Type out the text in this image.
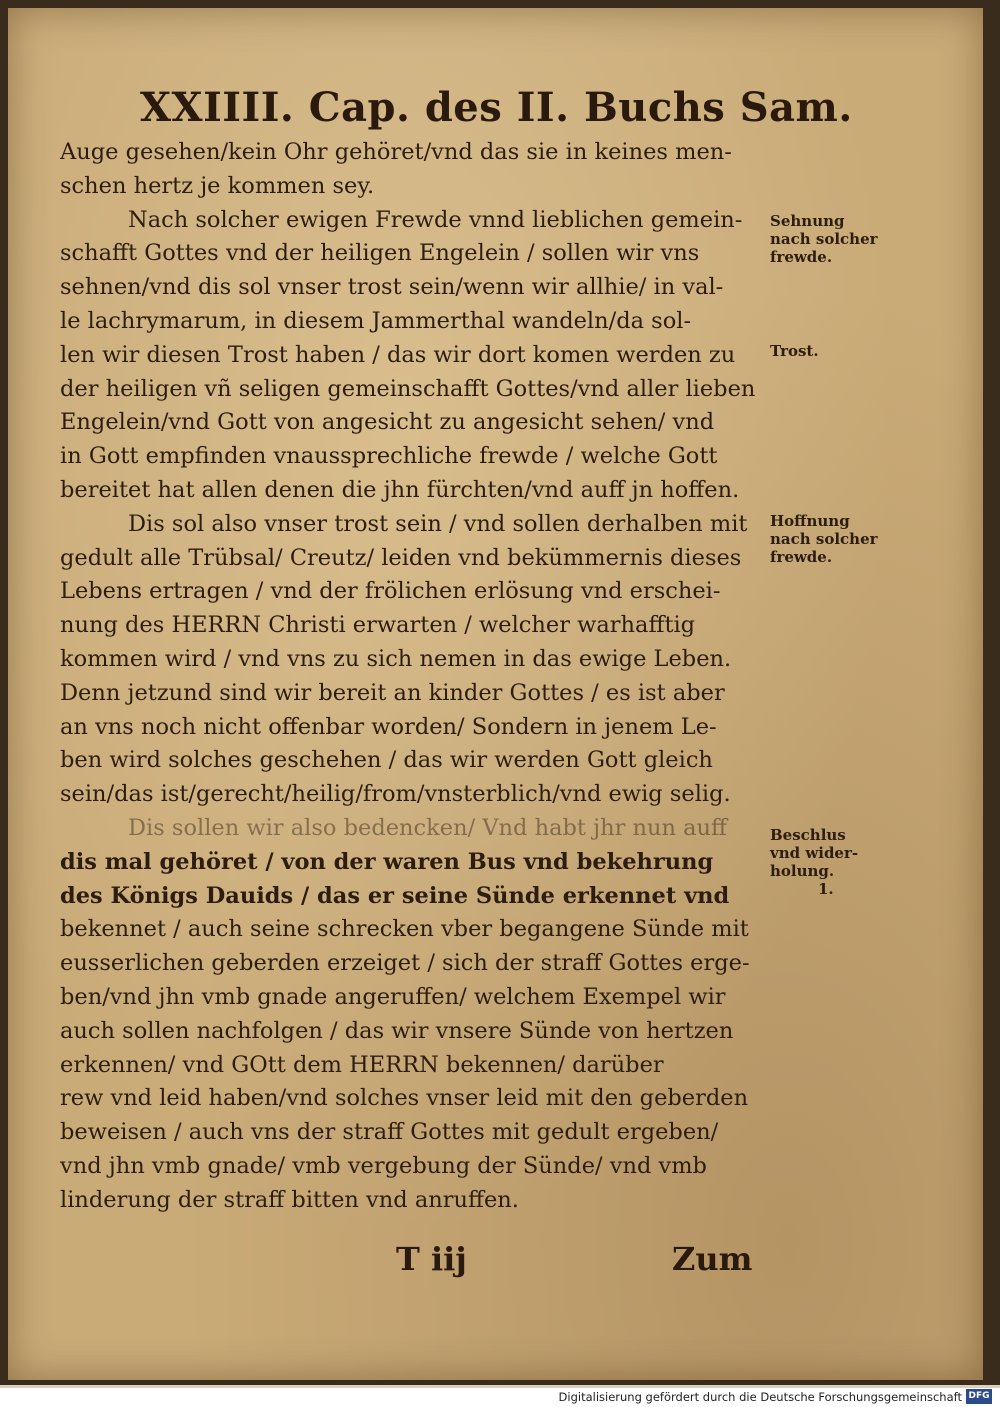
XXIIII. Cap. des II. Buchs Sam.
Auge gesehen/kein Ohr gehöret/vnd das sie in keines men-
schen hertz je kommen sey.
Nach solcher ewigen Frewde vnnd lieblichen gemein-
schafft Gottes vnd der heiligen Engelein / sollen wir vns
sehnen/vnd dis sol vnser trost sein/wenn wir allhie/ in val-
le lachrymarum, in diesem Jammerthal wandeln/da sol-
len wir diesen Trost haben / das wir dort komen werden zu
der heiligen vñ seligen gemeinschafft Gottes/vnd aller lieben
Engelein/vnd Gott von angesicht zu angesicht sehen/ vnd
in Gott empfinden vnaussprechliche frewde / welche Gott
bereitet hat allen denen die jhn fürchten/vnd auff jn hoffen.
Dis sol also vnser trost sein / vnd sollen derhalben mit
gedult alle Trübsal/ Creutz/ leiden vnd bekümmernis dieses
Lebens ertragen / vnd der frölichen erlösung vnd erschei-
nung des HERRN Christi erwarten / welcher warhafftig
kommen wird / vnd vns zu sich nemen in das ewige Leben.
Denn jetzund sind wir bereit an kinder Gottes / es ist aber
an vns noch nicht offenbar worden/ Sondern in jenem Le-
ben wird solches geschehen / das wir werden Gott gleich
sein/das ist/gerecht/heilig/from/vnsterblich/vnd ewig selig.
Dis sollen wir also bedencken/ Vnd habt jhr nun auff
dis mal gehöret / von der waren Bus vnd bekehrung
des Königs Dauids / das er seine Sünde erkennet vnd
bekennet / auch seine schrecken vber begangene Sünde mit
eusserlichen geberden erzeiget / sich der straff Gottes erge-
ben/vnd jhn vmb gnade angeruffen/ welchem Exempel wir
auch sollen nachfolgen / das wir vnsere Sünde von hertzen
erkennen/ vnd GOtt dem HERRN bekennen/ darüber
rew vnd leid haben/vnd solches vnser leid mit den geberden
beweisen / auch vns der straff Gottes mit gedult ergeben/
vnd jhn vmb gnade/ vmb vergebung der Sünde/ vnd vmb
linderung der straff bitten vnd anruffen.
Sehnung
nach solcher
frewde.
Trost.
Hoffnung
nach solcher
frewde.
Beschlus
vnd wider-
holung.
1.
T iij	Zum
Digitalisierung gefördert durch die Deutsche Forschungsgemeinschaft DFG
